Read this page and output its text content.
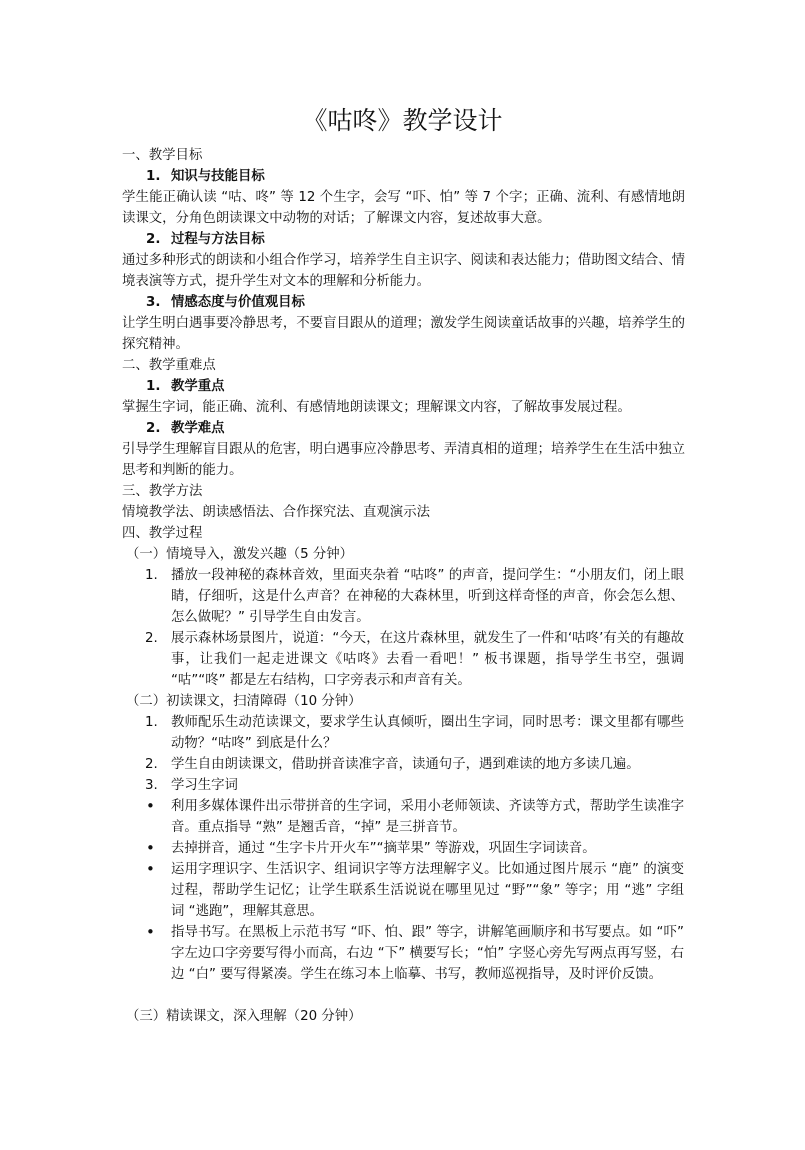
《咕咚》教学设计
一、教学目标
1. 知识与技能目标
学生能正确认读 “咕、咚” 等 12 个生字，会写 “吓、怕” 等 7 个字；正确、流利、有感情地朗读课文，分角色朗读课文中动物的对话；了解课文内容，复述故事大意。
2. 过程与方法目标
通过多种形式的朗读和小组合作学习，培养学生自主识字、阅读和表达能力；借助图文结合、情境表演等方式，提升学生对文本的理解和分析能力。
3. 情感态度与价值观目标
让学生明白遇事要冷静思考，不要盲目跟从的道理；激发学生阅读童话故事的兴趣，培养学生的探究精神。
二、教学重难点
1. 教学重点
掌握生字词，能正确、流利、有感情地朗读课文；理解课文内容，了解故事发展过程。
2. 教学难点
引导学生理解盲目跟从的危害，明白遇事应冷静思考、弄清真相的道理；培养学生在生活中独立思考和判断的能力。
三、教学方法
情境教学法、朗读感悟法、合作探究法、直观演示法
四、教学过程
（一）情境导入，激发兴趣（5 分钟）
1. 播放一段神秘的森林音效，里面夹杂着 “咕咚” 的声音，提问学生：“小朋友们，闭上眼睛，仔细听，这是什么声音？在神秘的大森林里，听到这样奇怪的声音，你会怎么想、怎么做呢？” 引导学生自由发言。
2. 展示森林场景图片，说道：“今天，在这片森林里，就发生了一件和‘咕咚’有关的有趣故事，让我们一起走进课文《咕咚》去看一看吧！” 板书课题，指导学生书空，强调 “咕”“咚” 都是左右结构，口字旁表示和声音有关。
（二）初读课文，扫清障碍（10 分钟）
1. 教师配乐生动范读课文，要求学生认真倾听，圈出生字词，同时思考：课文里都有哪些动物？“咕咚” 到底是什么？
2. 学生自由朗读课文，借助拼音读准字音，读通句子，遇到难读的地方多读几遍。
3. 学习生字词
• 利用多媒体课件出示带拼音的生字词，采用小老师领读、齐读等方式，帮助学生读准字音。重点指导 “熟” 是翘舌音，“掉” 是三拼音节。
• 去掉拼音，通过 “生字卡片开火车”“摘苹果” 等游戏，巩固生字词读音。
• 运用字理识字、生活识字、组词识字等方法理解字义。比如通过图片展示 “鹿” 的演变过程，帮助学生记忆；让学生联系生活说说在哪里见过 “野”“象” 等字；用 “逃” 字组词 “逃跑”，理解其意思。
• 指导书写。在黑板上示范书写 “吓、怕、跟” 等字，讲解笔画顺序和书写要点。如 “吓” 字左边口字旁要写得小而高，右边 “下” 横要写长；“怕” 字竖心旁先写两点再写竖，右边 “白” 要写得紧凑。学生在练习本上临摹、书写，教师巡视指导，及时评价反馈。
（三）精读课文，深入理解（20 分钟）
